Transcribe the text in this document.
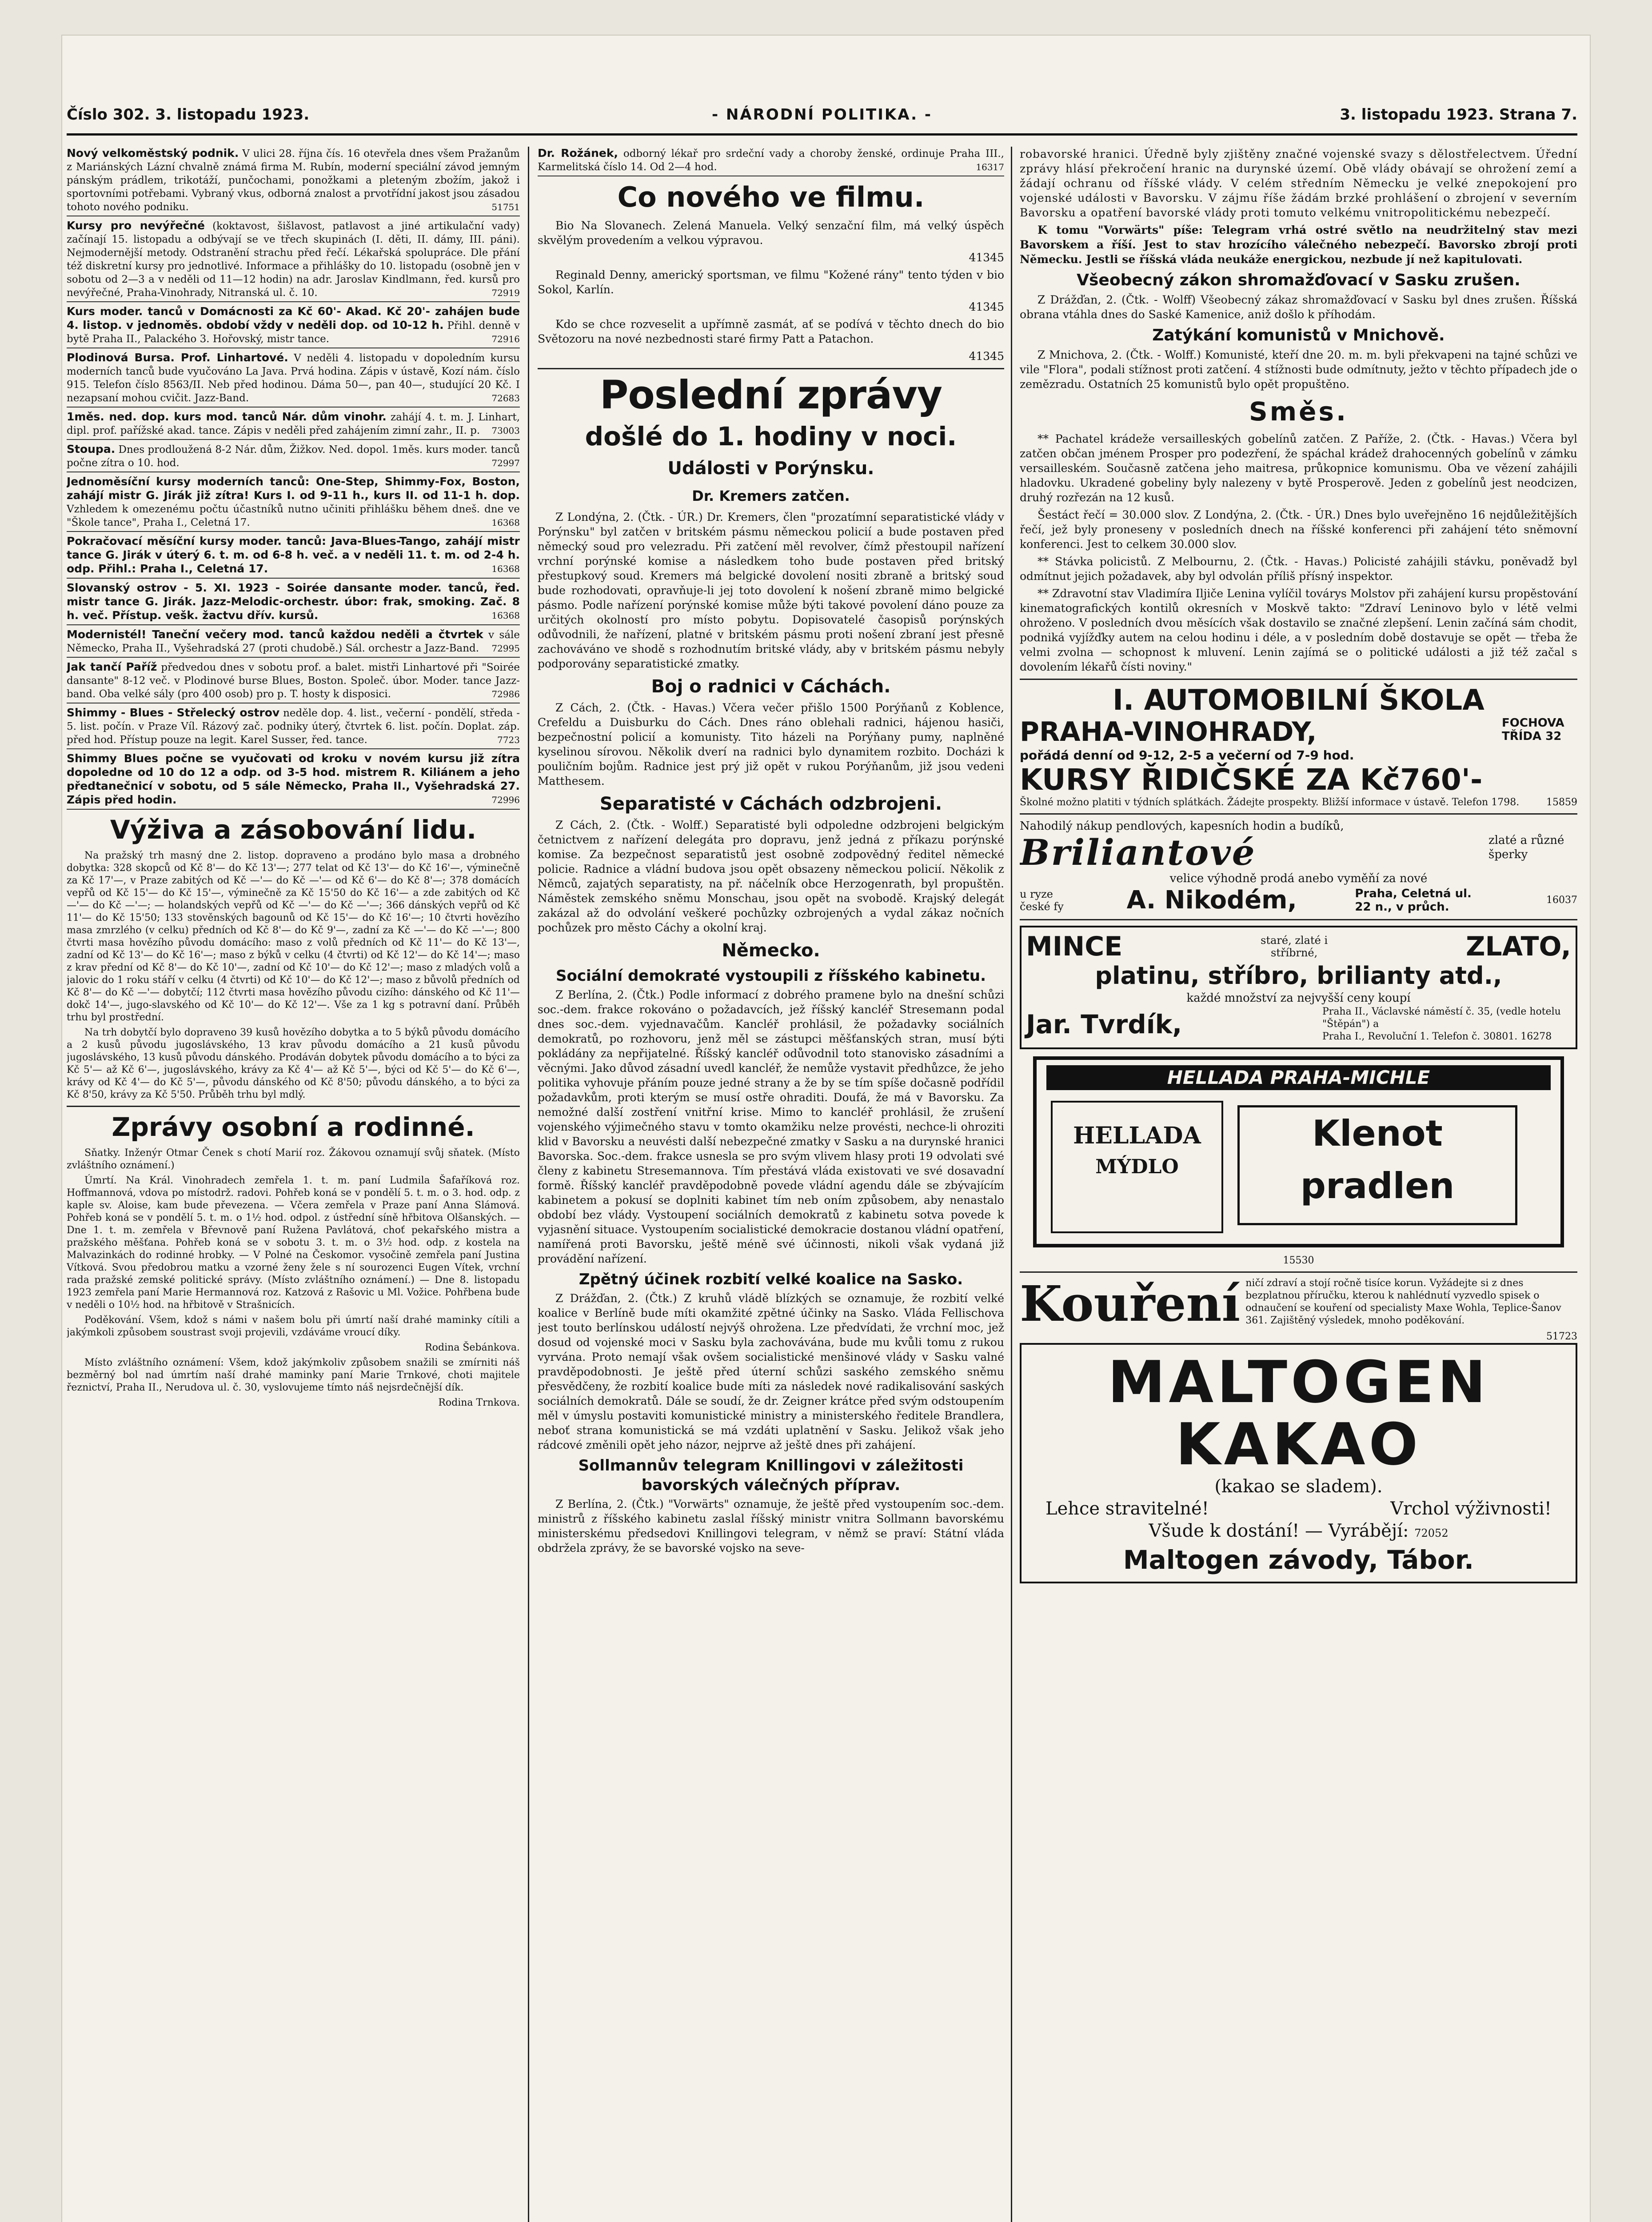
Číslo 302. 3. listopadu 1923.	- NÁRODNÍ POLITIKA. -	3. listopadu 1923. Strana 7.
Nový velkoměstský podnik. V ulici 28. října čís. 16 otevřela dnes všem Pražanům z Mariánských Lázní chvalně známá firma M. Rubín, moderní speciální závod jemným pánským prádlem, trikotáží, punčochami, ponožkami a pleteným zbožím, jakož i sportovními potřebami. Vybraný vkus, odborná znalost a prvotřídní jakost jsou zásadou tohoto nového podniku.	51751
Kursy pro nevýřečné (koktavost, šišlavost, patlavost a jiné artikulační vady) začínají 15. listopadu a odbývají se ve třech skupinách (I. děti, II. dámy, III. páni). Nejmodernější metody. Odstranění strachu před řečí. Lékařská spolupráce. Dle přání též diskretní kursy pro jednotlivé. Informace a přihlášky do 10. listopadu (osobně jen v sobotu od 2—3 a v neděli od 11—12 hodin) na adr. Jaroslav Kindlmann, řed. kursů pro nevýřečné, Praha-Vinohrady, Nitranská ul. č. 10.	72919
Kurs moder. tanců v Domácnosti za Kč 60'- Akad. Kč 20'- zahájen bude 4. listop. v jednoměs. období vždy v neděli dop. od 10-12 h. Přihl. denně v bytě Praha II., Palackého 3. Hořovský, mistr tance.	72916
Plodinová Bursa. Prof. Linhartové. V neděli 4. listopadu v dopoledním kursu moderních tanců bude vyučováno La Java. Prvá hodina. Zápis v ústavě, Kozí nám. číslo 915. Telefon číslo 8563/II. Neb před hodinou. Dáma 50—, pan 40—, studující 20 Kč. I nezapsaní mohou cvičit. Jazz-Band.	72683
1měs. ned. dop. kurs mod. tanců Nár. dům vinohr. zahájí 4. t. m. J. Linhart, dipl. prof. pařížské akad. tance. Zápis v neděli před zahájením zimní zahr., II. p. 73003
Stoupa. Dnes prodloužená 8-2 Nár. dům, Žižkov. Ned. dopol. 1měs. kurs moder. tanců počne zítra o 10. hod.	72997
Jednoměsíční kursy moderních tanců: One-Step, Shimmy-Fox, Boston, zahájí mistr G. Jirák již zítra! Kurs I. od 9-11 h., kurs II. od 11-1 h. dop. Vzhledem k omezenému počtu účastníků nutno učiniti přihlášku během dneš. dne ve "Škole tance", Praha I., Celetná 17.	16368
Pokračovací měsíční kursy moder. tanců: Java-Blues-Tango, zahájí mistr tance G. Jirák v úterý 6. t. m. od 6-8 h. več. a v neděli 11. t. m. od 2-4 h. odp. Přihl.: Praha I., Celetná 17.	16368
Slovanský ostrov - 5. XI. 1923 - Soirée dansante moder. tanců, řed. mistr tance G. Jirák. Jazz-Melodic-orchestr. úbor: frak, smoking. Zač. 8 h. več. Přístup. vešk. žactvu dřív. kursů.	16368
Modernistél! Taneční večery mod. tanců každou neděli a čtvrtek v sále Německo, Praha II., Vyšehradská 27 (proti chudobě.) Sál. orchestr a Jazz-Band. 72995
Jak tančí Paříž předvedou dnes v sobotu prof. a balet. mistři Linhartové při "Soirée dansante" 8-12 več. v Plodinové burse Blues, Boston. Společ. úbor. Moder. tance Jazz-band. Oba velké sály (pro 400 osob) pro p. T. hosty k disposici.	72986
Shimmy - Blues - Střelecký ostrov neděle dop. 4. list., večerní - pondělí, středa - 5. list. počín. v Praze Víl. Rázový zač. podniky úterý, čtvrtek 6. list. počín. Doplat. záp. před hod. Přístup pouze na legit. Karel Susser, řed. tance.	7723
Shimmy Blues počne se vyučovati od kroku v novém kursu již zítra dopoledne od 10 do 12 a odp. od 3-5 hod. mistrem R. Kiliánem a jeho předtanečnicí v sobotu, od 5 sále Německo, Praha II., Vyšehradská 27. Zápis před hodin.	72996
Výživa a zásobování lidu.

Na pražský trh masný dne 2. listop. dopraveno a prodáno bylo masa a drobného dobytka: 328 skopců od Kč 8'— do Kč 13'—; 277 telat od Kč 13'— do Kč 16'—, výminečně za Kč 17'—, v Praze zabitých od Kč —'— do Kč —'— od Kč 6'— do Kč 8'—; 378 domácích vepřů od Kč 15'— do Kč 15'—, výminečně za Kč 15'50 do Kč 16'— a zde zabitých od Kč —'— do Kč —'—; — holandských vepřů od Kč —'— do Kč —'—; 366 dánských vepřů od Kč 11'— do Kč 15'50; 133 stověnských bagounů od Kč 15'— do Kč 16'—; 10 čtvrti hovězího masa zmrzlého (v celku) předních od Kč 8'— do Kč 9'—, zadní za Kč —'— do Kč —'—; 800 čtvrti masa hovězího původu domácího: maso z volů předních od Kč 11'— do Kč 13'—, zadní od Kč 13'— do Kč 16'—; maso z býků v celku (4 čtvrti) od Kč 12'— do Kč 14'—; maso z krav přední od Kč 8'— do Kč 10'—, zadní od Kč 10'— do Kč 12'—; maso z mladých volů a jalovic do 1 roku stáří v celku (4 čtvrti) od Kč 10'— do Kč 12'—; maso z bůvolů předních od Kč 8'— do Kč —'— dobytčí; 112 čtvrti masa hovězího původu cizího: dánského od Kč 11'— dokč 14'—, jugo-slavského od Kč 10'— do Kč 12'—. Vše za 1 kg s potravní daní. Průběh trhu byl prostřední.

Na trh dobytčí bylo dopraveno 39 kusů hovězího dobytka a to 5 býků původu domácího a 2 kusů původu jugoslávského, 13 krav původu domácího a 21 kusů původu jugoslávského, 13 kusů původu dánského. Prodáván dobytek původu domácího a to býci za Kč 5'— až Kč 6'—, jugoslávského, krávy za Kč 4'— až Kč 5'—, býci od Kč 5'— do Kč 6'—, krávy od Kč 4'— do Kč 5'—, původu dánského od Kč 8'50; původu dánského, a to býci za Kč 8'50, krávy za Kč 5'50. Průběh trhu byl mdlý.

Zprávy osobní a rodinné.

Sňatky. Inženýr Otmar Čenek s chotí Marií roz. Žákovou oznamují svůj sňatek. (Místo zvláštního oznámení.)

Úmrtí. Na Král. Vinohradech zemřela 1. t. m. paní Ludmila Šafaříková roz. Hoffmannová, vdova po místodrž. radovi. Pohřeb koná se v pondělí 5. t. m. o 3. hod. odp. z kaple sv. Aloise, kam bude převezena. — Včera zemřela v Praze paní Anna Slámová. Pohřeb koná se v pondělí 5. t. m. o 1½ hod. odpol. z ústřední síně hřbitova Olšanských. — Dne 1. t. m. zemřela v Břevnově paní Ružena Pavlátová, choť pekařského mistra a pražského měšťana. Pohřeb koná se v sobotu 3. t. m. o 3½ hod. odp. z kostela na Malvazinkách do rodinné hrobky. — V Polné na Českomor. vysočině zemřela paní Justina Vítková. Svou předobrou matku a vzorné ženy žele s ní sourozenci Eugen Vítek, vrchní rada pražské zemské politické správy. (Místo zvláštního oznámení.) — Dne 8. listopadu 1923 zemřela paní Marie Hermannová roz. Katzová z Rašovic u Ml. Vožice. Pohřbena bude v neděli o 10½ hod. na hřbitově v Strašnicích.

Poděkování. Všem, kdož s námi v našem bolu při úmrtí naší drahé maminky cítili a jakýmkoli způsobem soustrast svoji projevili, vzdáváme vroucí díky.

Rodina Šebánkova.

Místo zvláštního oznámení: Všem, kdož jakýmkoliv způsobem snažili se zmírniti náš bezměrný bol nad úmrtím naší drahé maminky paní Marie Trnkové, choti majitele řeznictví, Praha II., Nerudova ul. č. 30, vyslovujeme tímto náš nejsrdečnější dík.

Rodina Trnkova.

Dr. Rožánek, odborný lékař pro srdeční vady a choroby ženské, ordinuje Praha III., Karmelitská číslo 14. Od 2—4 hod.	16317
Co nového ve filmu.

Bio Na Slovanech. Zelená Manuela. Velký senzační film, má velký úspěch skvělým provedením a velkou výpravou.

41345

Reginald Denny, americký sportsman, ve filmu "Kožené rány" tento týden v bio Sokol, Karlín.

41345

Kdo se chce rozveselit a upřímně zasmát, ať se podívá v těchto dnech do bio Světozoru na nové nezbednosti staré firmy Patt a Patachon.

41345

Poslední zprávy
došlé do 1. hodiny v noci.
Události v Porýnsku.
Dr. Kremers zatčen.

Z Londýna, 2. (Čtk. - ÚR.) Dr. Kremers, člen "prozatímní separatistické vlády v Porýnsku" byl zatčen v britském pásmu německou policií a bude postaven před německý soud pro velezradu. Při zatčení měl revolver, čímž přestoupil nařízení vrchní porýnské komise a následkem toho bude postaven před britský přestupkový soud. Kremers má belgické dovolení nositi zbraně a britský soud bude rozhodovati, opravňuje-li jej toto dovolení k nošení zbraně mimo belgické pásmo. Podle nařízení porýnské komise může býti takové povolení dáno pouze za určitých okolností pro místo pobytu. Dopisovatelé časopisů porýnských odůvodnili, že nařízení, platné v britském pásmu proti nošení zbraní jest přesně zachováváno ve shodě s rozhodnutím britské vlády, aby v britském pásmu nebyly podporovány separatistické zmatky.

Boj o radnici v Cáchách.

Z Cách, 2. (Čtk. - Havas.) Včera večer přišlo 1500 Porýňanů z Koblence, Crefeldu a Duisburku do Cách. Dnes ráno oblehali radnici, hájenou hasiči, bezpečnostní policií a komunisty. Tito házeli na Porýňany pumy, naplněné kyselinou sírovou. Několik dverí na radnici bylo dynamitem rozbito. Docházi k pouličním bojům. Radnice jest prý již opět v rukou Porýňanům, již jsou vedeni Matthesem.

Separatisté v Cáchách odzbrojeni.

Z Cách, 2. (Čtk. - Wolff.) Separatisté byli odpoledne odzbrojeni belgickým četnictvem z nařízení delegáta pro dopravu, jenž jedná z příkazu porýnské komise. Za bezpečnost separatistů jest osobně zodpovědný ředitel německé policie. Radnice a vládní budova jsou opět obsazeny německou policií. Několik z Němců, zajatých separatisty, na př. náčelník obce Herzogenrath, byl propuštěn. Náměstek zemského sněmu Monschau, jsou opět na svobodě. Krajský delegát zakázal až do odvolání veškeré pochůzky ozbrojených a vydal zákaz nočních pochůzek pro město Cáchy a okolní kraj.

Německo.
Sociální demokraté vystoupili z říšského kabinetu.

Z Berlína, 2. (Čtk.) Podle informací z dobrého pramene bylo na dnešní schůzi soc.-dem. frakce rokováno o požadavcích, jež říšský kancléř Stresemann podal dnes soc.-dem. vyjednavačům. Kancléř prohlásil, že požadavky sociálních demokratů, po rozhovoru, jenž měl se zástupci měšťanských stran, musí býti pokládány za nepřijatelné. Říšský kancléř odůvodnil toto stanovisko zásadními a věcnými. Jako důvod zásadní uvedl kancléř, že nemůže vystavit předhůzce, že jeho politika vyhovuje přáním pouze jedné strany a že by se tím spíše dočasně podřídil požadavkům, proti kterým se musí ostře ohraditi. Doufá, že má v Bavorsku. Za nemožné další zostření vnitřní krise. Mimo to kancléř prohlásil, že zrušení vojenského výjimečného stavu v tomto okamžiku nelze provésti, nechce-li ohroziti klid v Bavorsku a neuvésti další nebezpečné zmatky v Sasku a na durynské hranici Bavorska. Soc.-dem. frakce usnesla se pro svým vlivem hlasy proti 19 odvolati své členy z kabinetu Stresemannova. Tím přestává vláda existovati ve své dosavadní formě. Říšský kancléř pravděpodobně povede vládní agendu dále se zbývajícím kabinetem a pokusí se doplniti kabinet tím neb oním způsobem, aby nenastalo období bez vlády. Vystoupení sociálních demokratů z kabinetu sotva povede k vyjasnění situace. Vystoupením socialistické demokracie dostanou vládní opatření, namířená proti Bavorsku, ještě méně své účinnosti, nikoli však vydaná již provádění nařízení.

Zpětný účinek rozbití velké koalice na Sasko.

Z Drážďan, 2. (Čtk.) Z kruhů vládě blízkých se oznamuje, že rozbití velké koalice v Berlíně bude míti okamžité zpětné účinky na Sasko. Vláda Fellischova jest touto berlínskou událostí nejvýš ohrožena. Lze předvídati, že vrchní moc, jež dosud od vojenské moci v Sasku byla zachovávána, bude mu kvůli tomu z rukou vyrvána. Proto nemají však ovšem socialistické menšinové vlády v Sasku valné pravděpodobnosti. Je ještě před úterní schůzi saského zemského sněmu přesvědčeny, že rozbití koalice bude míti za následek nové radikalisování saských sociálních demokratů. Dále se soudí, že dr. Zeigner krátce před svým odstoupením měl v úmyslu postaviti komunistické ministry a ministerského ředitele Brandlera, neboť strana komunistická se má vzdáti uplatnění v Sasku. Jelikož však jeho rádcové změnili opět jeho názor, nejprve až ještě dnes při zahájení.

Sollmannův telegram Knillingovi v záležitosti bavorských válečných příprav.

Z Berlína, 2. (Čtk.) "Vorwärts" oznamuje, že ještě před vystoupením soc.-dem. ministrů z říšského kabinetu zaslal říšský ministr vnitra Sollmann bavorskému ministerskému předsedovi Knillingovi telegram, v němž se praví: Státní vláda obdržela zprávy, že se bavorské vojsko na seve-

robavorské hranici. Úředně byly zjištěny značné vojenské svazy s dělostřelectvem. Úřední zprávy hlásí překročení hranic na durynské území. Obě vlády obávají se ohrožení zemí a žádají ochranu od říšské vlády. V celém středním Německu je velké znepokojení pro vojenské události v Bavorsku. V zájmu říše žádám brzké prohlášení o zbrojení v severním Bavorsku a opatření bavorské vlády proti tomuto velkému vnitropolitickému nebezpečí.

K tomu "Vorwärts" píše: Telegram vrhá ostré světlo na neudržitelný stav mezi Bavorskem a říší. Jest to stav hrozícího válečného nebezpečí. Bavorsko zbrojí proti Německu. Jestli se říšská vláda neukáže energickou, nezbude jí než kapitulovati.

Všeobecný zákon shromažďovací v Sasku zrušen.

Z Drážďan, 2. (Čtk. - Wolff) Všeobecný zákaz shromažďovací v Sasku byl dnes zrušen. Říšská obrana vtáhla dnes do Saské Kamenice, aniž došlo k příhodám.

Zatýkání komunistů v Mnichově.

Z Mnichova, 2. (Čtk. - Wolff.) Komunisté, kteří dne 20. m. m. byli překvapeni na tajné schůzi ve vile "Flora", podali stížnost proti zatčení. 4 stížnosti bude odmítnuty, ježto v těchto případech jde o zemězradu. Ostatních 25 komunistů bylo opět propuštěno.

Směs.

** Pachatel krádeže versailleských gobelínů zatčen. Z Paříže, 2. (Čtk. - Havas.) Včera byl zatčen občan jménem Prosper pro podezření, že spáchal krádež drahocenných gobelínů v zámku versailleském. Současně zatčena jeho maitresa, průkopnice komunismu. Oba ve vězení zahájili hladovku. Ukradené gobeliny byly nalezeny v bytě Prosperově. Jeden z gobelínů jest neodcizen, druhý rozřezán na 12 kusů.

Šestáct řečí = 30.000 slov. Z Londýna, 2. (Čtk. - ÚR.) Dnes bylo uveřejněno 16 nejdůležitějších řečí, jež byly proneseny v posledních dnech na říšské konferenci při zahájení této sněmovní konferenci. Jest to celkem 30.000 slov.

** Stávka policistů. Z Melbournu, 2. (Čtk. - Havas.) Policisté zahájili stávku, poněvadž byl odmítnut jejich požadavek, aby byl odvolán příliš přísný inspektor.

** Zdravotní stav Vladimíra Iljiče Lenina vylíčil továrys Molstov při zahájení kursu propěstování kinematografických kontilů okresních v Moskvě takto: "Zdraví Leninovo bylo v létě velmi ohroženo. V posledních dvou měsících však dostavilo se značné zlepšení. Lenin začíná sám chodit, podniká vyjížďky autem na celou hodinu i déle, a v posledním době dostavuje se opět — třeba že velmi zvolna — schopnost k mluvení. Lenin zajímá se o politické události a již též začal s dovolením lékařů čísti noviny."

I. AUTOMOBILNÍ ŠKOLA
PRAHA-VINOHRADY,	FOCHOVA TŘÍDA 32
pořádá denní od 9-12, 2-5 a večerní od 7-9 hod.
KURSY ŘIDIČSKÉ ZA Kč760'-
Školné možno platiti v týdních splátkách. Žádejte prospekty. Bližší informace v ústavě. Telefon 1798.	15859
Nahodilý nákup pendlových, kapesních hodin a budíků,
Briliantové	zlaté a různé šperky
velice výhodně prodá anebo vyměňí za nové
u ryze české fy	A. Nikodém,	Praha, Celetná ul. 22 n., v průch.	16037
MINCE	staré, zlaté i stříbrné,	ZLATO,
platinu, stříbro, brilianty atd.,
každé množství za nejvyšší ceny koupí
Jar. Tvrdík,	Praha II., Václavské náměstí č. 35, (vedle hotelu "Štěpán") a
Praha I., Revoluční 1. Telefon č. 30801. 16278
HELLADA PRAHA-MICHLE
HELLADA
MÝDLO
Klenot
pradlen
15530
Kouření ničí zdraví a stojí ročně tisíce korun. Vyžádejte si z dnes bezplatnou příručku, kterou k nahlédnutí vyzvedlo spisek o odnaučení se kouření od specialisty Maxe Wohla, Teplice-Šanov 361. Zajištěný výsledek, mnoho poděkování.
51723
MALTOGEN
KAKAO
(kakao se sladem).
Lehce stravitelné!	Vrchol výživnosti!
Všude k dostání! — Vyrábějí: 72052
Maltogen závody, Tábor.
